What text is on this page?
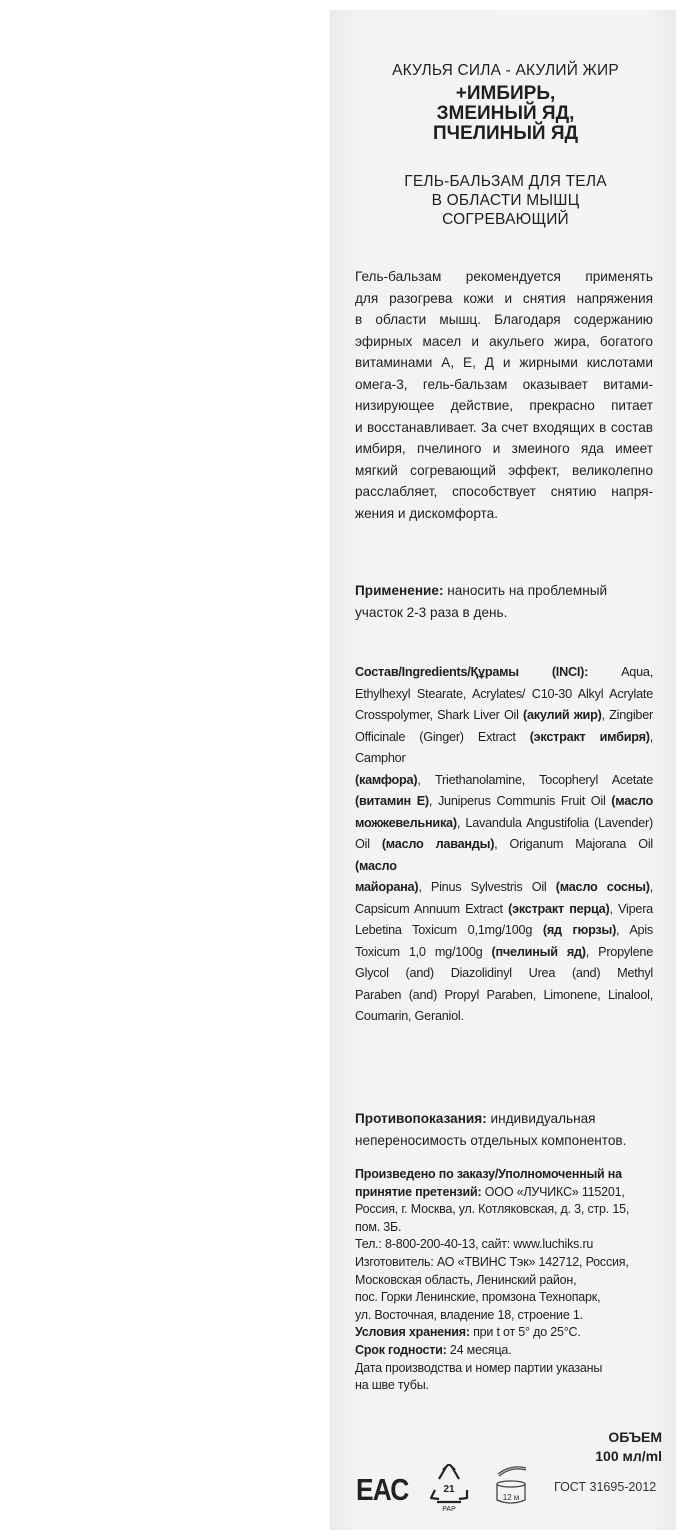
АКУЛЬЯ СИЛА - АКУЛИЙ ЖИР
+ИМБИРЬ,
ЗМЕИНЫЙ ЯД,
ПЧЕЛИНЫЙ ЯД
ГЕЛЬ-БАЛЬЗАМ ДЛЯ ТЕЛА
В ОБЛАСТИ МЫШЦ
СОГРЕВАЮЩИЙ
Гель-бальзам рекомендуется применять
для разогрева кожи и снятия напряжения
в области мышц. Благодаря содержанию
эфирных масел и акульего жира, богатого
витаминами А, Е, Д и жирными кислотами
омега-3, гель-бальзам оказывает витами-
низирующее действие, прекрасно питает
и восстанавливает. За счет входящих в состав
имбиря, пчелиного и змеиного яда имеет
мягкий согревающий эффект, великолепно
расслабляет, способствует снятию напря-
жения и дискомфорта.
Применение: наносить на проблемный
участок 2-3 раза в день.
Состав/Ingredients/Құрамы (INCI): Aqua,
Ethylhexyl Stearate, Acrylates/ C10-30 Alkyl Acrylate
Crosspolymer, Shark Liver Oil (акулий жир), Zingiber
Officinale (Ginger) Extract (экстракт имбиря), Camphor
(камфора), Triethanolamine, Tocopheryl Acetate
(витамин E), Juniperus Communis Fruit Oil (масло
можжевельника), Lavandula Angustifolia (Lavender)
Oil (масло лаванды), Origanum Majorana Oil (масло
майорана), Pinus Sylvestris Oil (масло сосны),
Capsicum Annuum Extract (экстракт перца), Vipera
Lebetina Toxicum 0,1mg/100g (яд гюрзы), Apis
Toxicum 1,0 mg/100g (пчелиный яд), Propylene
Glycol (and) Diazolidinyl Urea (and) Methyl
Paraben (and) Propyl Paraben, Limonene, Linalool,
Coumarin, Geraniol.
Противопоказания: индивидуальная
непереносимость отдельных компонентов.
Произведено по заказу/Уполномоченный на
принятие претензий: ООО «ЛУЧИКС» 115201,
Россия, г. Москва, ул. Котляковская, д. 3, стр. 15,
пом. 3Б.
Тел.: 8-800-200-40-13, сайт: www.luchiks.ru
Изготовитель: АО «ТВИНС Тэк» 142712, Россия,
Московская область, Ленинский район,
пос. Горки Ленинские, промзона Технопарк,
ул. Восточная, владение 18, строение 1.
Условия хранения: при t от 5° до 25°С.
Срок годности: 24 месяца.
Дата производства и номер партии указаны
на шве тубы.
ОБЪЕМ
100 мл/ml
ЕАС	21
PAP
12 м
ГОСТ 31695-2012
